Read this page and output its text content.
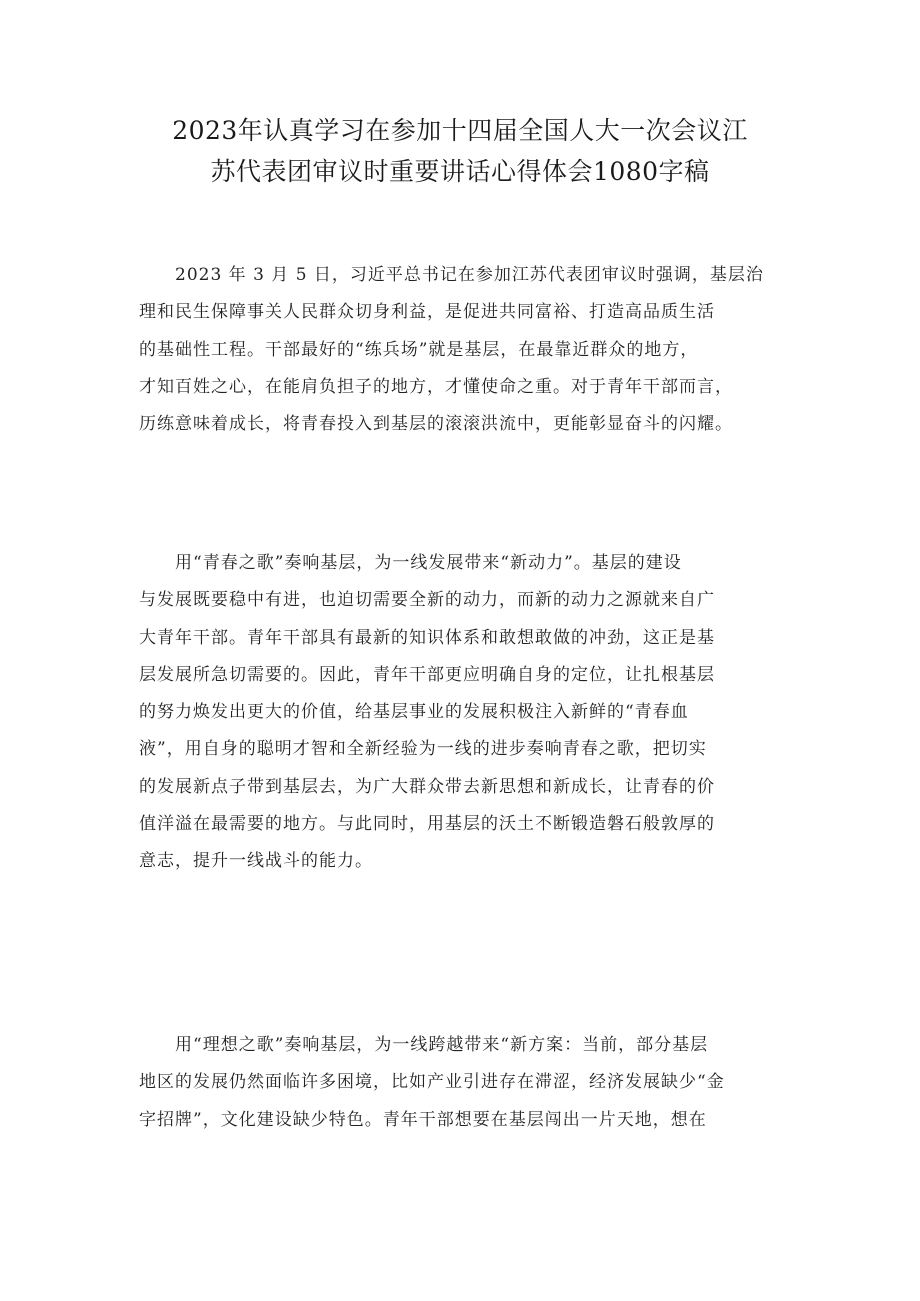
2023年认真学习在参加十四届全国人大一次会议江
苏代表团审议时重要讲话心得体会1080字稿
2023 年 3 月 5 日，习近平总书记在参加江苏代表团审议时强调，基层治
理和民生保障事关人民群众切身利益，是促进共同富裕、打造高品质生活
的基础性工程。干部最好的“练兵场”就是基层，在最靠近群众的地方，
才知百姓之心，在能肩负担子的地方，才懂使命之重。对于青年干部而言，
历练意味着成长，将青春投入到基层的滚滚洪流中，更能彰显奋斗的闪耀。
用“青春之歌”奏响基层，为一线发展带来“新动力”。基层的建设
与发展既要稳中有进，也迫切需要全新的动力，而新的动力之源就来自广
大青年干部。青年干部具有最新的知识体系和敢想敢做的冲劲，这正是基
层发展所急切需要的。因此，青年干部更应明确自身的定位，让扎根基层
的努力焕发出更大的价值，给基层事业的发展积极注入新鲜的“青春血
液”，用自身的聪明才智和全新经验为一线的进步奏响青春之歌，把切实
的发展新点子带到基层去，为广大群众带去新思想和新成长，让青春的价
值洋溢在最需要的地方。与此同时，用基层的沃土不断锻造磐石般敦厚的
意志，提升一线战斗的能力。
用“理想之歌”奏响基层，为一线跨越带来“新方案：当前，部分基层
地区的发展仍然面临许多困境，比如产业引进存在滞涩，经济发展缺少“金
字招牌”，文化建设缺少特色。青年干部想要在基层闯出一片天地，想在
